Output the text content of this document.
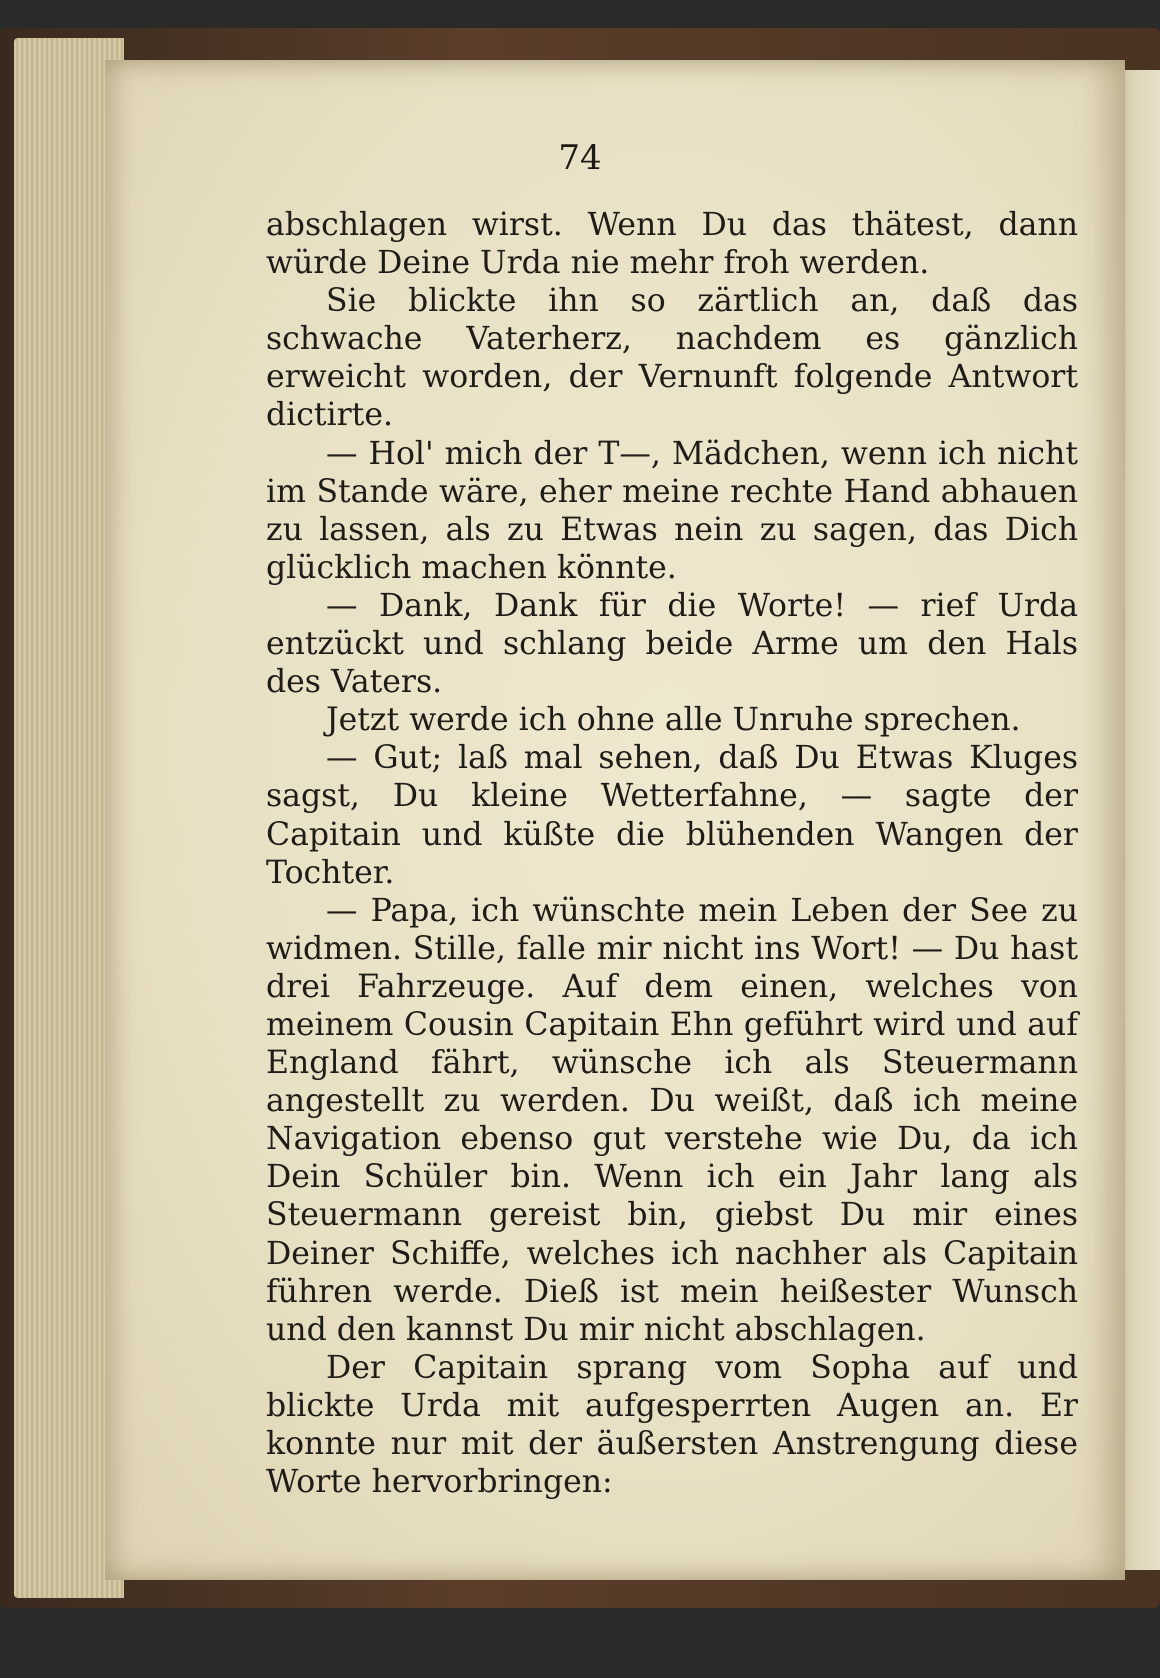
74
abschlagen wirst. Wenn Du das thätest, dann würde Deine Urda nie mehr froh werden.
Sie blickte ihn so zärtlich an, daß das schwache Vaterherz, nachdem es gänzlich erweicht worden, der Vernunft folgende Antwort dictirte.
— Hol' mich der T—, Mädchen, wenn ich nicht im Stande wäre, eher meine rechte Hand abhauen zu lassen, als zu Etwas nein zu sagen, das Dich glücklich machen könnte.
— Dank, Dank für die Worte! — rief Urda entzückt und schlang beide Arme um den Hals des Vaters.
Jetzt werde ich ohne alle Unruhe sprechen.
— Gut; laß mal sehen, daß Du Etwas Kluges sagst, Du kleine Wetterfahne, — sagte der Capitain und küßte die blühenden Wangen der Tochter.
— Papa, ich wünschte mein Leben der See zu widmen. Stille, falle mir nicht ins Wort! — Du hast drei Fahrzeuge. Auf dem einen, welches von meinem Cousin Capitain Ehn geführt wird und auf England fährt, wünsche ich als Steuermann angestellt zu werden. Du weißt, daß ich meine Navigation ebenso gut verstehe wie Du, da ich Dein Schüler bin. Wenn ich ein Jahr lang als Steuermann gereist bin, giebst Du mir eines Deiner Schiffe, welches ich nachher als Capitain führen werde. Dieß ist mein heißester Wunsch und den kannst Du mir nicht abschlagen.
Der Capitain sprang vom Sopha auf und blickte Urda mit aufgesperrten Augen an. Er konnte nur mit der äußersten Anstrengung diese Worte hervorbringen:
